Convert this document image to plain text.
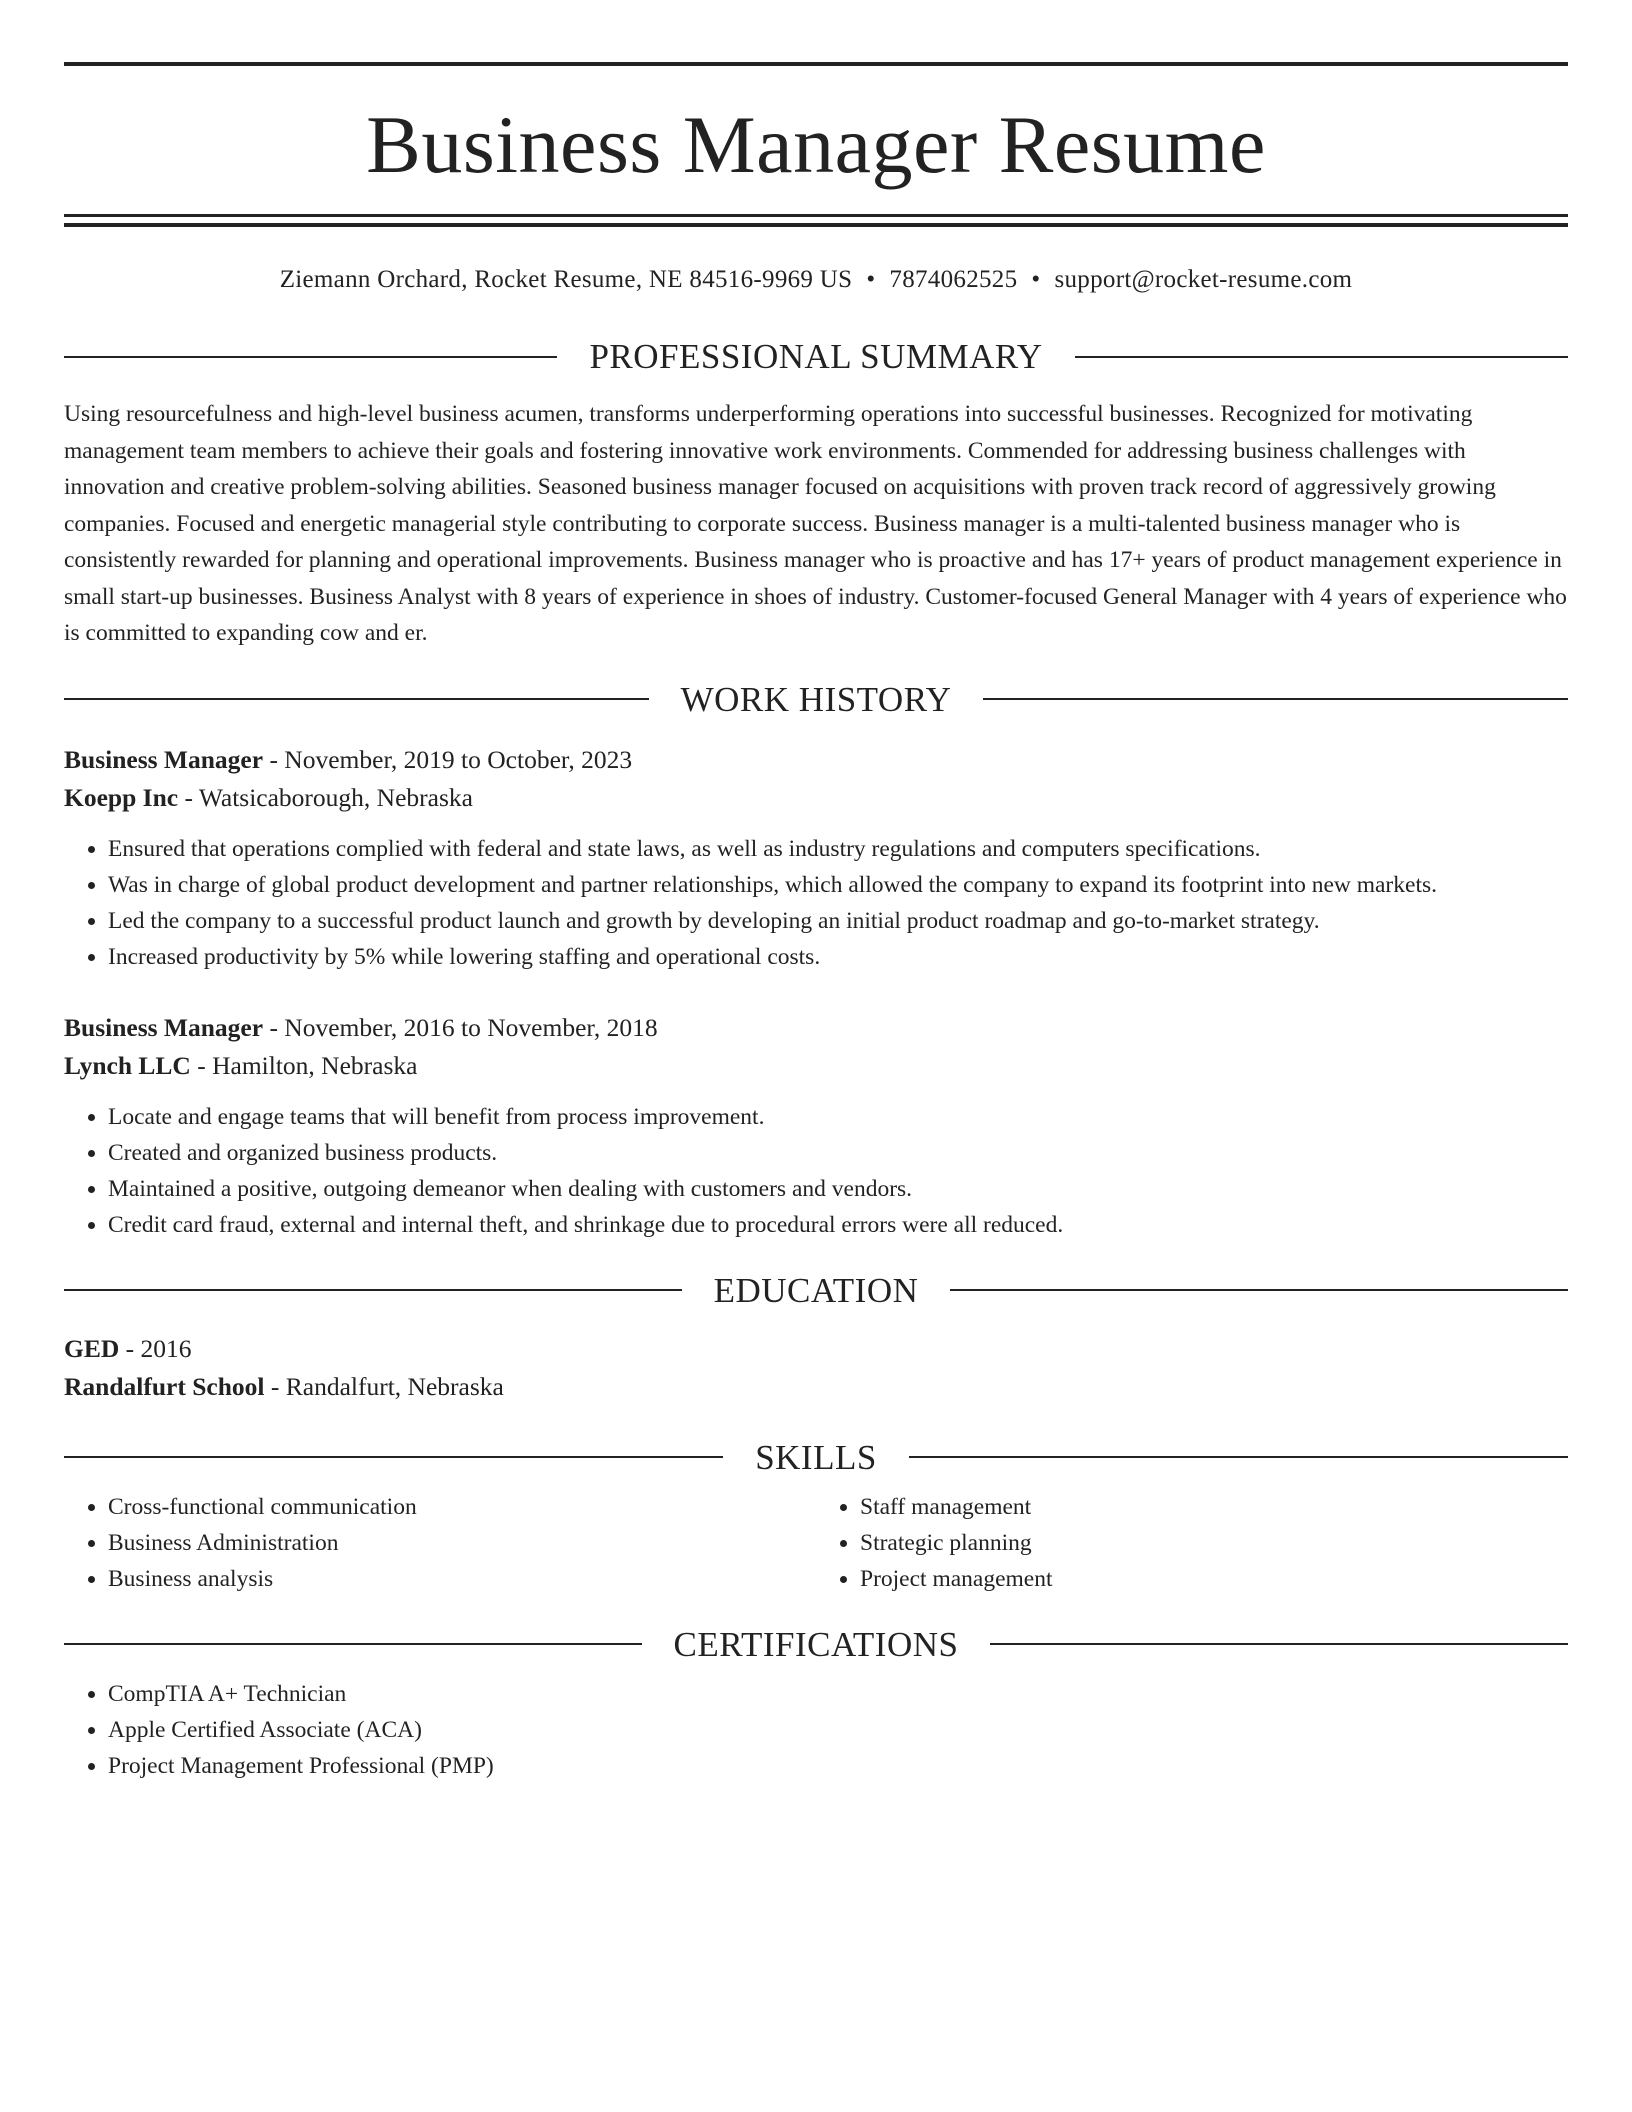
Business Manager Resume
Ziemann Orchard, Rocket Resume, NE 84516-9969 US • 7874062525 • support@rocket-resume.com
PROFESSIONAL SUMMARY
Using resourcefulness and high-level business acumen, transforms underperforming operations into successful businesses. Recognized for motivating management team members to achieve their goals and fostering innovative work environments. Commended for addressing business challenges with innovation and creative problem-solving abilities. Seasoned business manager focused on acquisitions with proven track record of aggressively growing companies. Focused and energetic managerial style contributing to corporate success. Business manager is a multi-talented business manager who is consistently rewarded for planning and operational improvements. Business manager who is proactive and has 17+ years of product management experience in small start-up businesses. Business Analyst with 8 years of experience in shoes of industry. Customer-focused General Manager with 4 years of experience who is committed to expanding cow and er.
WORK HISTORY
Business Manager - November, 2019 to October, 2023
Koepp Inc - Watsicaborough, Nebraska
• Ensured that operations complied with federal and state laws, as well as industry regulations and computers specifications.
• Was in charge of global product development and partner relationships, which allowed the company to expand its footprint into new markets.
• Led the company to a successful product launch and growth by developing an initial product roadmap and go-to-market strategy.
• Increased productivity by 5% while lowering staffing and operational costs.
Business Manager - November, 2016 to November, 2018
Lynch LLC - Hamilton, Nebraska
• Locate and engage teams that will benefit from process improvement.
• Created and organized business products.
• Maintained a positive, outgoing demeanor when dealing with customers and vendors.
• Credit card fraud, external and internal theft, and shrinkage due to procedural errors were all reduced.
EDUCATION
GED - 2016
Randalfurt School - Randalfurt, Nebraska
SKILLS
• Cross-functional communication
• Business Administration
• Business analysis
• Staff management
• Strategic planning
• Project management
CERTIFICATIONS
• CompTIA A+ Technician
• Apple Certified Associate (ACA)
• Project Management Professional (PMP)
